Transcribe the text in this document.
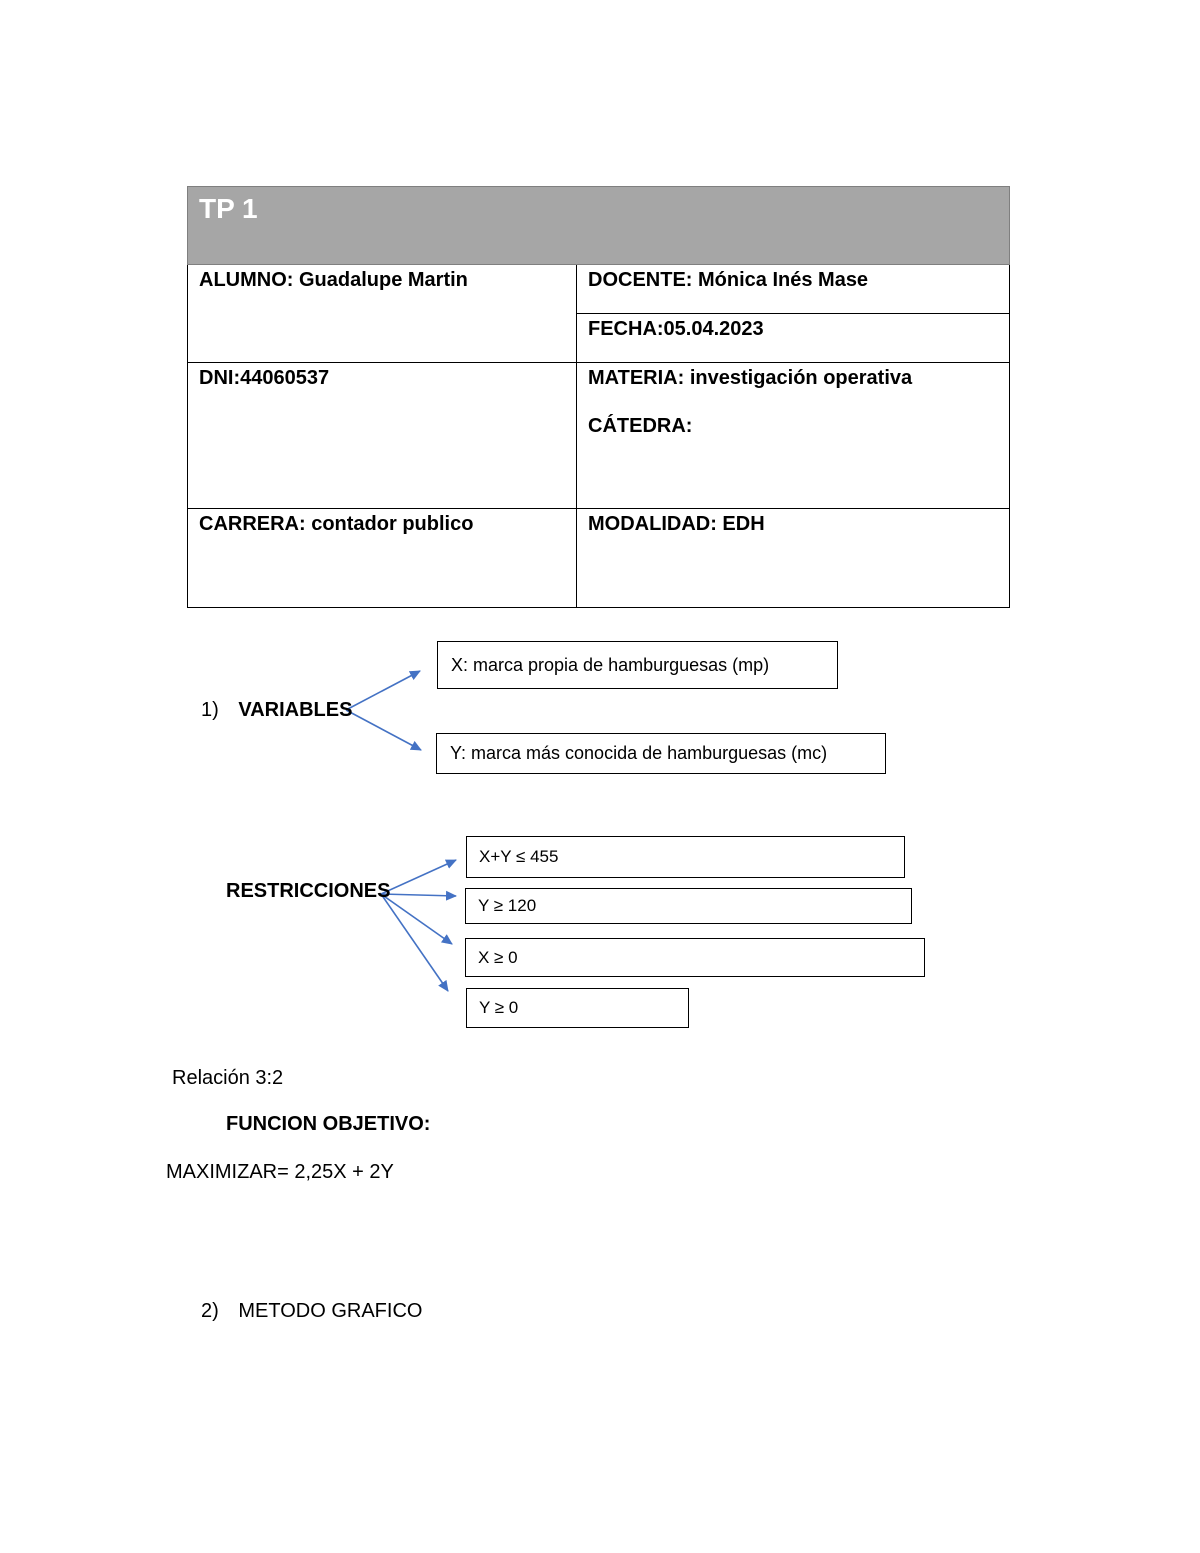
TP 1	

ALUMNO: Guadalupe Martin	DOCENTE: Mónica Inés Mase

	FECHA:05.04.2023

DNI:44060537	MATERIA: investigación operativa
CÁTEDRA:

CARRERA: contador publico	MODALIDAD: EDH
1) VARIABLES
X: marca propia de hamburguesas (mp)
Y: marca más conocida de hamburguesas (mc)
RESTRICCIONES
X+Y ≤ 455
Y ≥ 120
X ≥ 0
Y ≥ 0
Relación 3:2
FUNCION OBJETIVO:
MAXIMIZAR= 2,25X + 2Y
2) METODO GRAFICO
